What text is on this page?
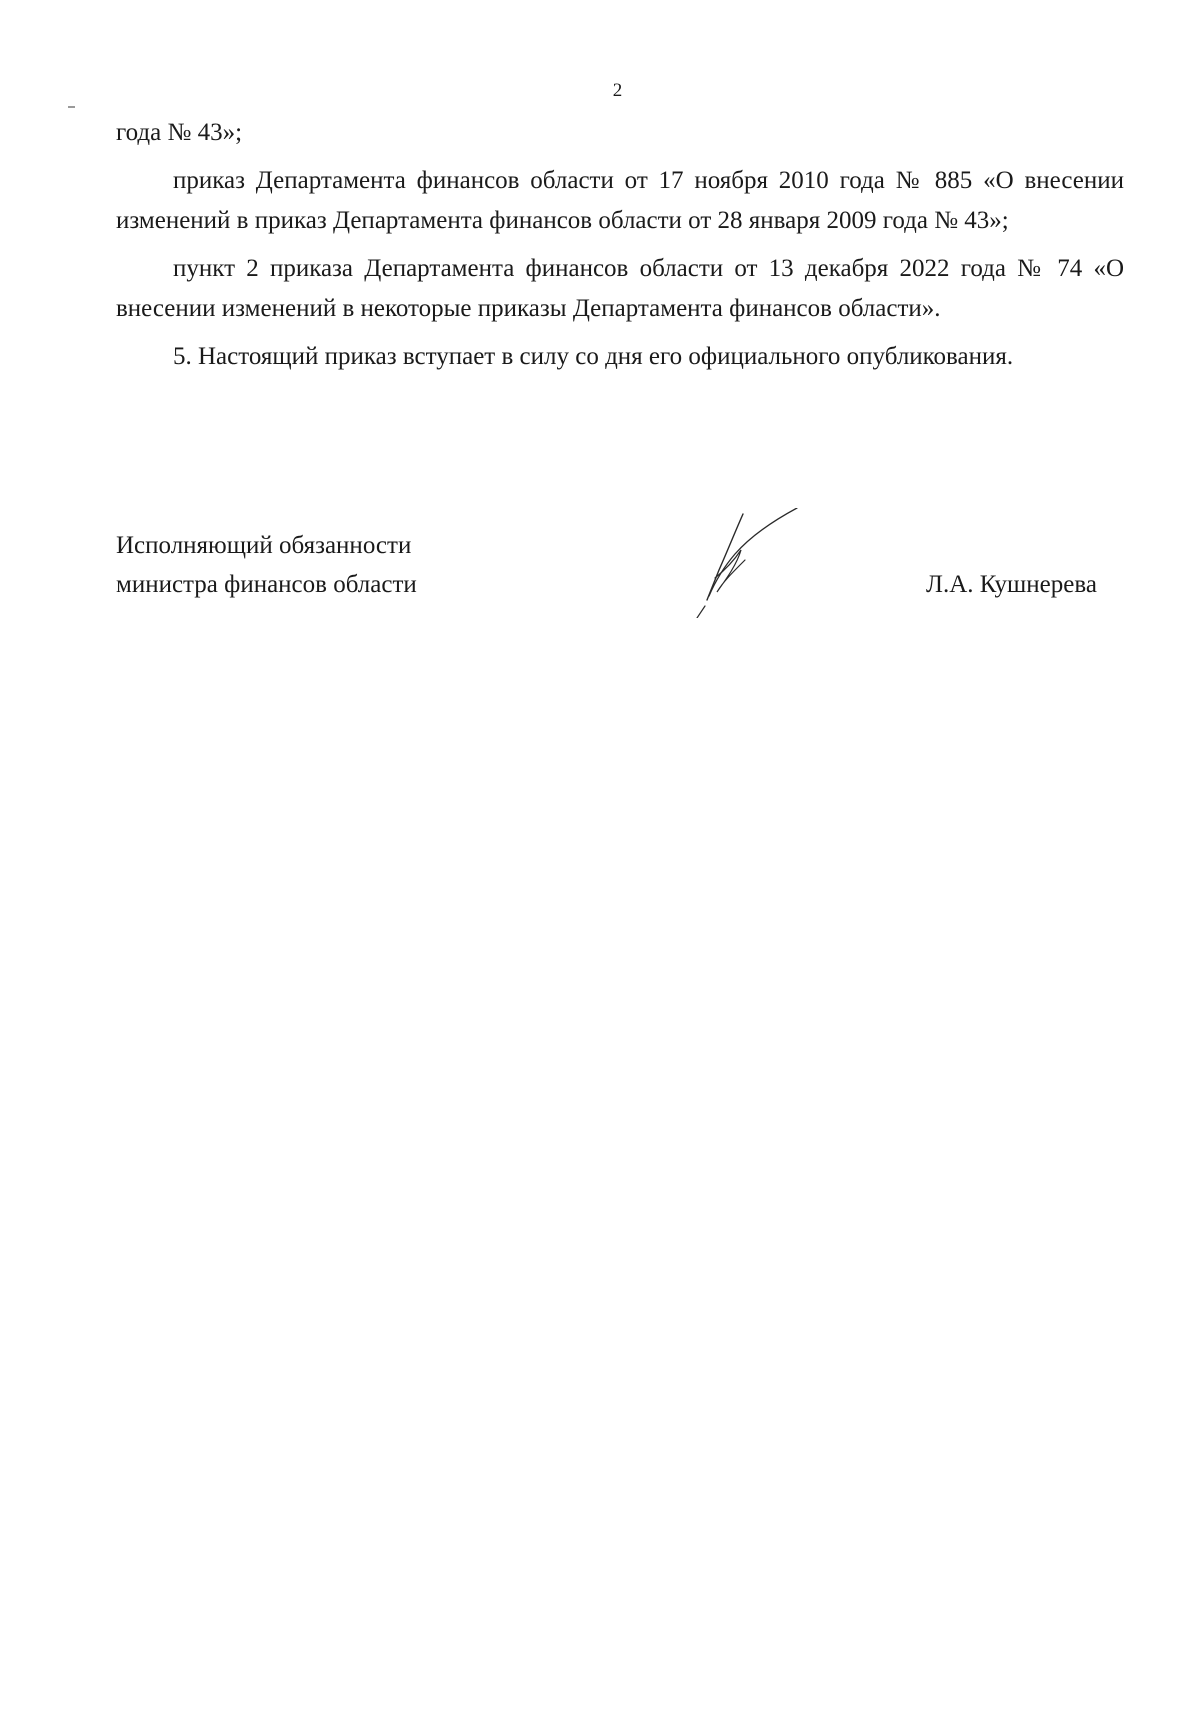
2

года № 43»;

приказ Департамента финансов области от 17 ноября 2010 года № 885 «О внесении изменений в приказ Департамента финансов области от 28 января 2009 года № 43»;

пункт 2 приказа Департамента финансов области от 13 декабря 2022 года № 74 «О внесении изменений в некоторые приказы Департамента финансов области».

5. Настоящий приказ вступает в силу со дня его официального опубликования.

Исполняющий обязанности
министра финансов области	Л.А. Кушнерева
